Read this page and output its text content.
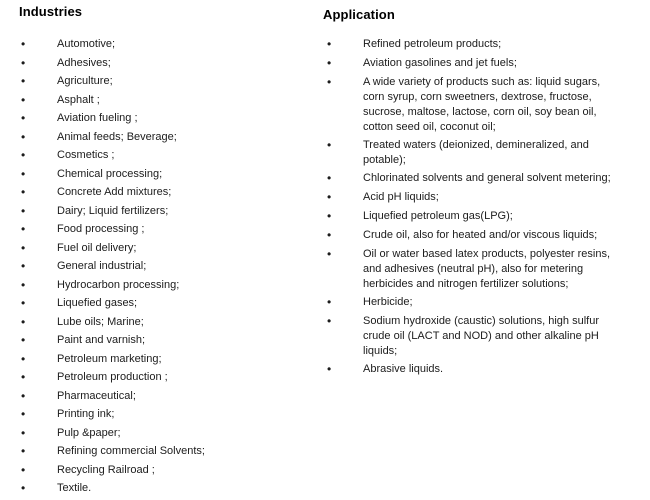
Industries
•
Automotive;
•
Adhesives;
•
Agriculture;
•
Asphalt ;
•
Aviation fueling ;
•
Animal feeds; Beverage;
•
Cosmetics ;
•
Chemical processing;
•
Concrete Add mixtures;
•
Dairy; Liquid fertilizers;
•
Food processing ;
•
Fuel oil delivery;
•
General industrial;
•
Hydrocarbon processing;
•
Liquefied gases;
•
Lube oils; Marine;
•
Paint and varnish;
•
Petroleum marketing;
•
Petroleum production ;
•
Pharmaceutical;
•
Printing ink;
•
Pulp &paper;
•
Refining commercial Solvents;
•
Recycling Railroad ;
•
Textile.
Application
•
Refined petroleum products;
•
Aviation gasolines and jet fuels;
•
A wide variety of products such as: liquid sugars, corn syrup, corn sweetners, dextrose, fructose, sucrose, maltose, lactose, corn oil, soy bean oil, cotton seed oil, coconut oil;
•
Treated waters (deionized, demineralized, and potable);
•
Chlorinated solvents and general solvent metering;
•
Acid pH liquids;
•
Liquefied petroleum gas(LPG);
•
Crude oil, also for heated and/or viscous liquids;
•
Oil or water based latex products, polyester resins, and adhesives (neutral pH), also for metering herbicides and nitrogen fertilizer solutions;
•
Herbicide;
•
Sodium hydroxide (caustic) solutions, high sulfur crude oil (LACT and NOD) and other alkaline pH liquids;
•
Abrasive liquids.
